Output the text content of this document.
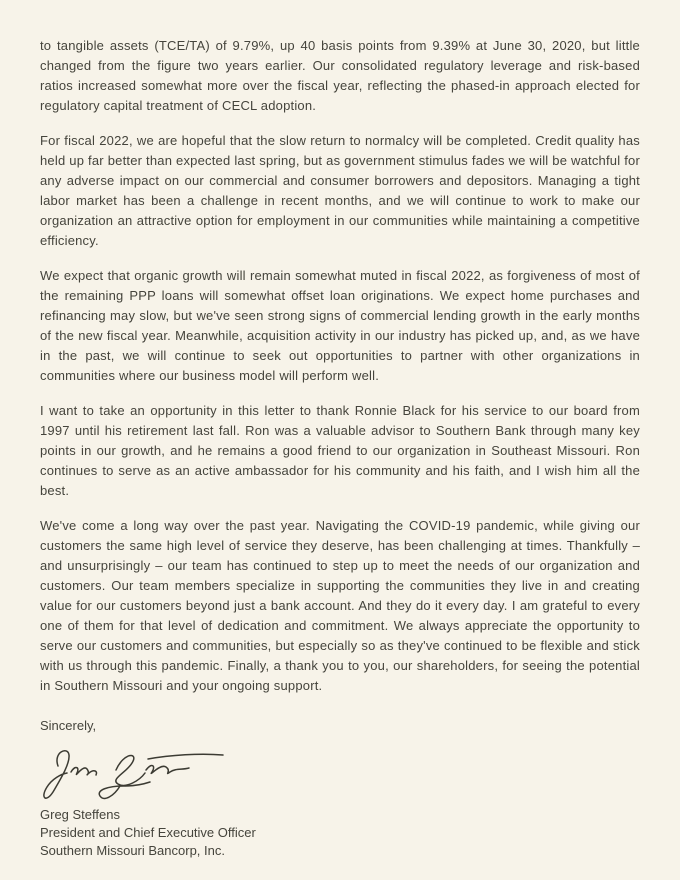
to tangible assets (TCE/TA) of 9.79%, up 40 basis points from 9.39% at June 30, 2020, but little changed from the figure two years earlier. Our consolidated regulatory leverage and risk-based ratios increased somewhat more over the fiscal year, reflecting the phased-in approach elected for regulatory capital treatment of CECL adoption.

For fiscal 2022, we are hopeful that the slow return to normalcy will be completed. Credit quality has held up far better than expected last spring, but as government stimulus fades we will be watchful for any adverse impact on our commercial and consumer borrowers and depositors. Managing a tight labor market has been a challenge in recent months, and we will continue to work to make our organization an attractive option for employment in our communities while maintaining a competitive efficiency.

We expect that organic growth will remain somewhat muted in fiscal 2022, as forgiveness of most of the remaining PPP loans will somewhat offset loan originations. We expect home purchases and refinancing may slow, but we've seen strong signs of commercial lending growth in the early months of the new fiscal year. Meanwhile, acquisition activity in our industry has picked up, and, as we have in the past, we will continue to seek out opportunities to partner with other organizations in communities where our business model will perform well.

I want to take an opportunity in this letter to thank Ronnie Black for his service to our board from 1997 until his retirement last fall. Ron was a valuable advisor to Southern Bank through many key points in our growth, and he remains a good friend to our organization in Southeast Missouri. Ron continues to serve as an active ambassador for his community and his faith, and I wish him all the best.

We've come a long way over the past year. Navigating the COVID-19 pandemic, while giving our customers the same high level of service they deserve, has been challenging at times. Thankfully – and unsurprisingly – our team has continued to step up to meet the needs of our organization and customers. Our team members specialize in supporting the communities they live in and creating value for our customers beyond just a bank account. And they do it every day. I am grateful to every one of them for that level of dedication and commitment. We always appreciate the opportunity to serve our customers and communities, but especially so as they've continued to be flexible and stick with us through this pandemic. Finally, a thank you to you, our shareholders, for seeing the potential in Southern Missouri and your ongoing support.

Sincerely,
Greg Steffens
President and Chief Executive Officer
Southern Missouri Bancorp, Inc.
